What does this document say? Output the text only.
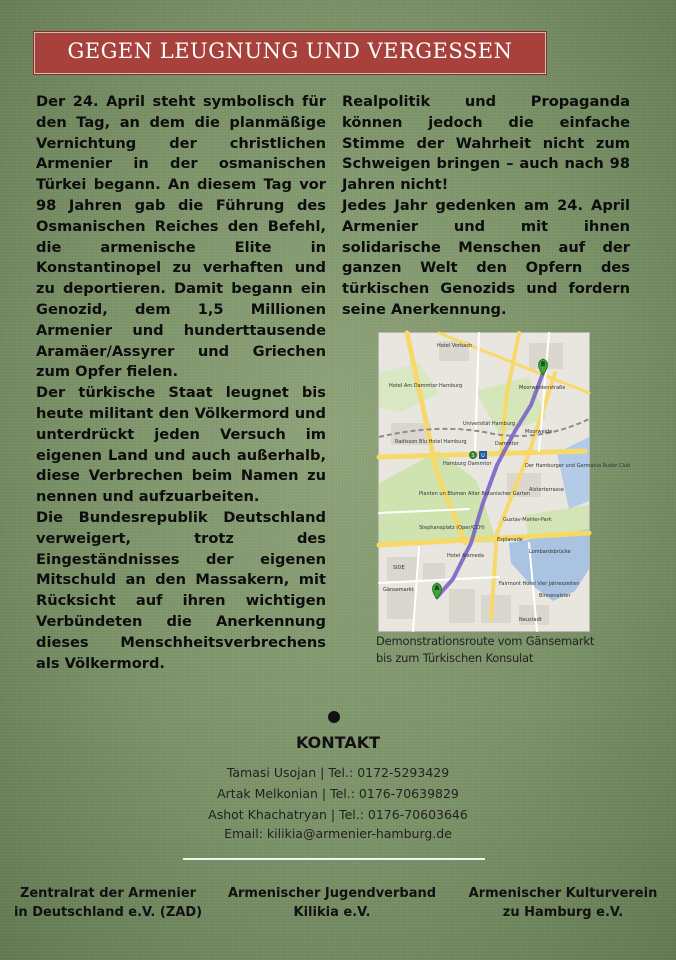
GEGEN LEUGNUNG UND VERGESSEN

Der 24. April steht symbolisch für den Tag, an dem die planmäßige Vernichtung der christlichen Armenier in der osmanischen Türkei begann. An diesem Tag vor 98 Jahren gab die Führung des Osmanischen Reiches den Befehl, die armenische Elite in Konstantinopel zu verhaften und zu deportieren. Damit begann ein Genozid, dem 1,5 Millionen Armenier und hunderttausende Aramäer/Assyrer und Griechen zum Opfer fielen.

Der türkische Staat leugnet bis heute militant den Völkermord und unterdrückt jeden Versuch im eigenen Land und auch außerhalb, diese Verbrechen beim Namen zu nennen und aufzuarbeiten.

Die Bundesrepublik Deutschland verweigert, trotz des Eingeständnisses der eigenen Mitschuld an den Massakern, mit Rücksicht auf ihren wichtigen Verbündeten die Anerkennung dieses Menschheitsverbrechens als Völkermord.

Realpolitik und Propaganda können jedoch die einfache Stimme der Wahrheit nicht zum Schweigen bringen – auch nach 98 Jahren nicht!

Jedes Jahr gedenken am 24. April Armenier und mit ihnen solidarische Menschen auf der ganzen Welt den Opfern des türkischen Genozids und fordern seine Anerkennung.

A
B
S U
Hotel Vorbach
Moorweidenstraße
Hotel Am Dammtor Hamburg
Universität Hamburg
Moorweide
Radisson Blu Hotel Hamburg	Dammtor
Hamburg Dammtor	Der Hamburger und Germania Ruder Club
Planten un Blomen Alter Botanischer Garten
Alsterterrasse
Stephansplatz (Oper/CCH)
Gustav-Mahler-Park
Esplanade
Lombardsbrücke
Hotel Alameda
SIDE
Gänsemarkt
Fairmont Hotel Vier Jahreszeiten
Binnenalster
Neustadt
Demonstrationsroute vom Gänsemarkt
bis zum Türkischen Konsulat
KONTAKT
Tamasi Usojan | Tel.: 0172-5293429
Artak Melkonian | Tel.: 0176-70639829
Ashot Khachatryan | Tel.: 0176-70603646
Email: kilikia@armenier-hamburg.de
Zentralrat der Armenier
in Deutschland e.V. (ZAD)
Armenischer Jugendverband
Kilikia e.V.
Armenischer Kulturverein
zu Hamburg e.V.
